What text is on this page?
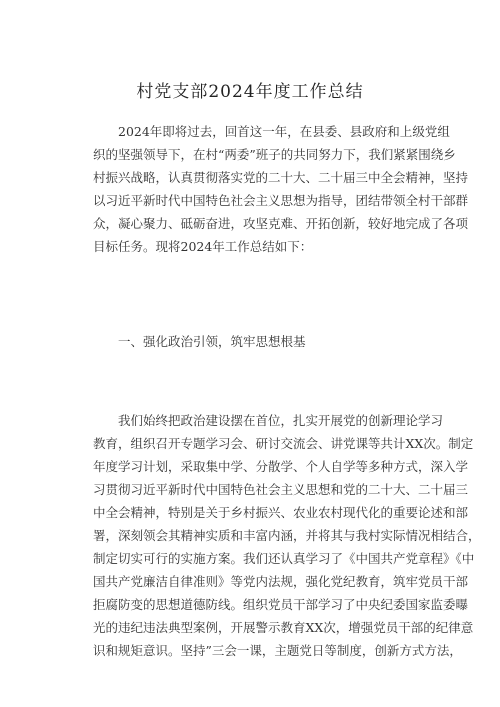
村党支部2024年度工作总结
2024年即将过去，回首这一年，在县委、县政府和上级党组
织的坚强领导下，在村“两委”班子的共同努力下，我们紧紧围绕乡
村振兴战略，认真贯彻落实党的二十大、二十届三中全会精神，坚持
以习近平新时代中国特色社会主义思想为指导，团结带领全村干部群
众，凝心聚力、砥砺奋进，攻坚克难、开拓创新，较好地完成了各项
目标任务。现将2024年工作总结如下：
一、强化政治引领，筑牢思想根基
我们始终把政治建设摆在首位，扎实开展党的创新理论学习
教育，组织召开专题学习会、研讨交流会、讲党课等共计XX次。制定
年度学习计划，采取集中学、分散学、个人自学等多种方式，深入学
习贯彻习近平新时代中国特色社会主义思想和党的二十大、二十届三
中全会精神，特别是关于乡村振兴、农业农村现代化的重要论述和部
署，深刻领会其精神实质和丰富内涵，并将其与我村实际情况相结合，
制定切实可行的实施方案。我们还认真学习了《中国共产党章程》《中
国共产党廉洁自律准则》等党内法规，强化党纪教育，筑牢党员干部
拒腐防变的思想道德防线。组织党员干部学习了中央纪委国家监委曝
光的违纪违法典型案例，开展警示教育XX次，增强党员干部的纪律意
识和规矩意识。坚持”三会一课，主题党日等制度，创新方式方法，
